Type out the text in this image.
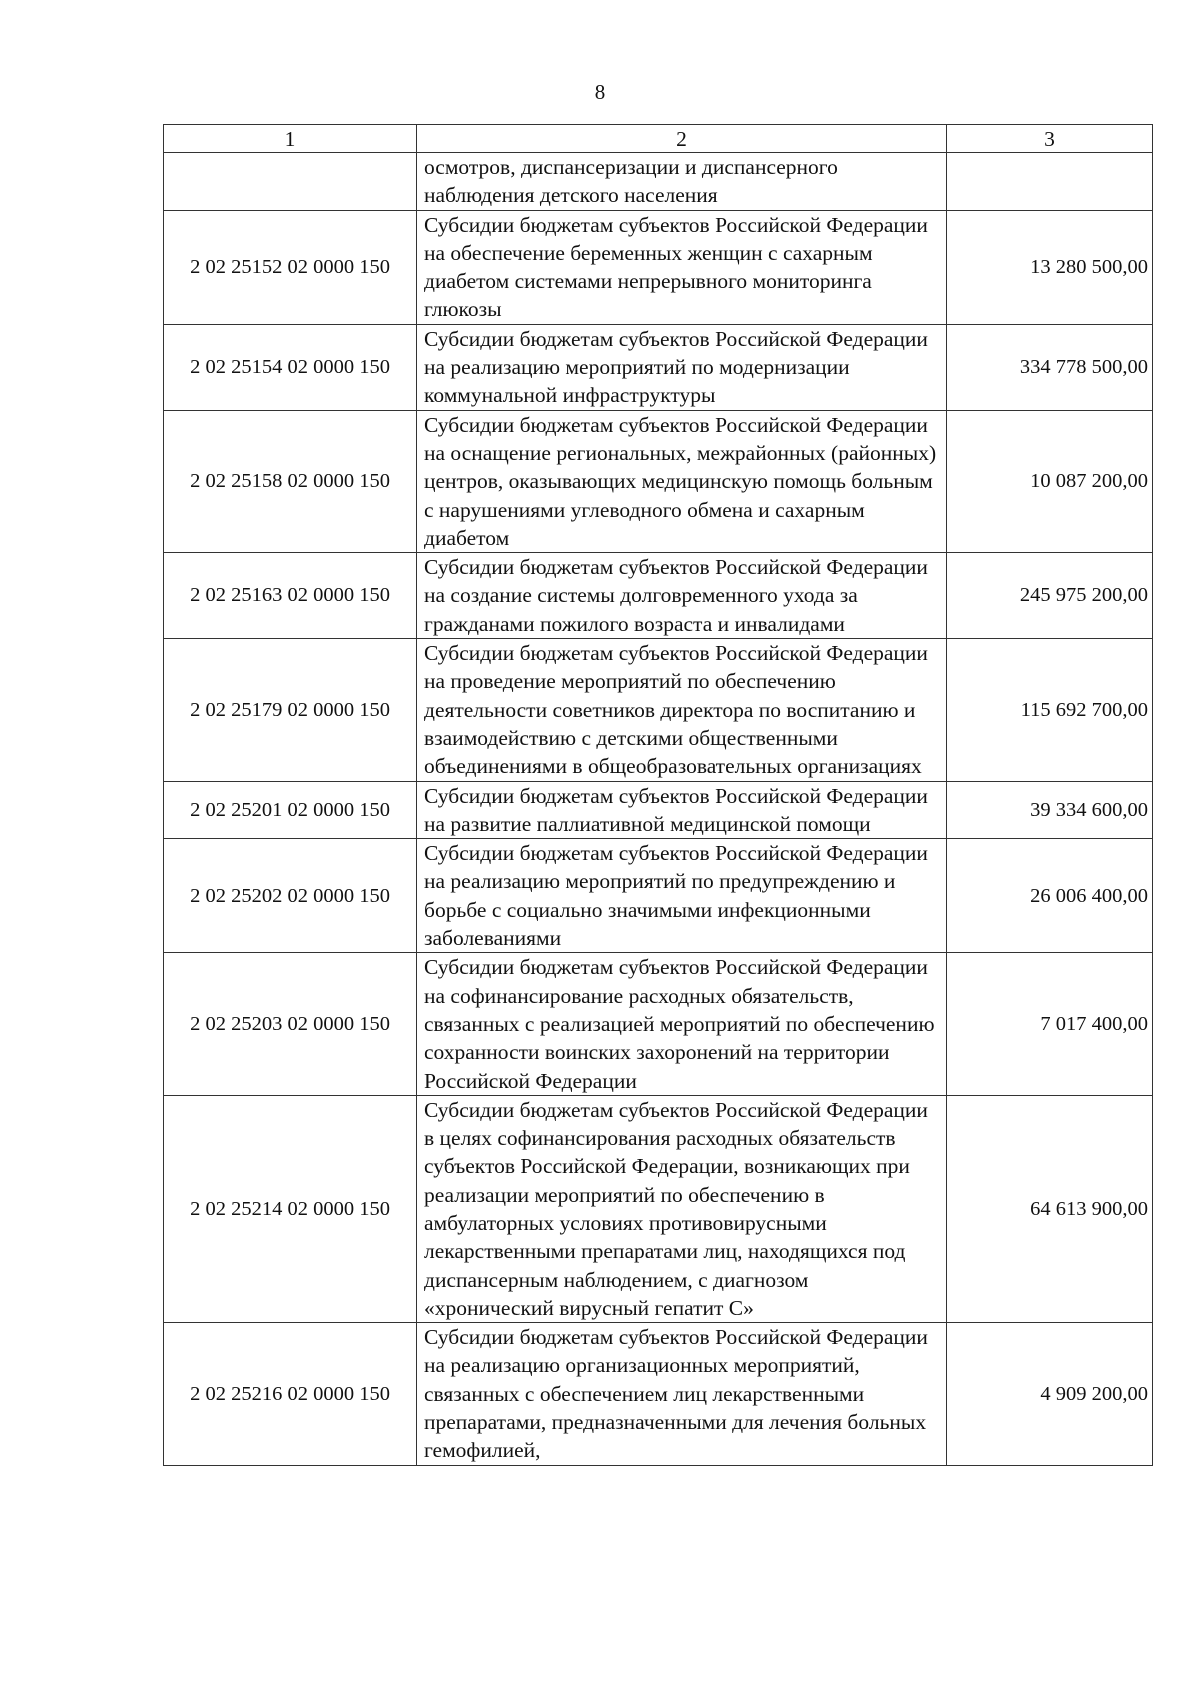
8
1	2	3
	осмотров, диспансеризации и диспансерного наблюдения детского населения	
2 02 25152 02 0000 150	Субсидии бюджетам субъектов Российской Федерации на обеспечение беременных женщин с сахарным диабетом системами непрерывного мониторинга глюкозы	13 280 500,00
2 02 25154 02 0000 150	Субсидии бюджетам субъектов Российской Федерации на реализацию мероприятий по модернизации коммунальной инфраструктуры	334 778 500,00
2 02 25158 02 0000 150	Субсидии бюджетам субъектов Российской Федерации на оснащение региональных, межрайонных (районных) центров, оказывающих медицинскую помощь больным с нарушениями углеводного обмена и сахарным диабетом	10 087 200,00
2 02 25163 02 0000 150	Субсидии бюджетам субъектов Российской Федерации на создание системы долговременного ухода за гражданами пожилого возраста и инвалидами	245 975 200,00
2 02 25179 02 0000 150	Субсидии бюджетам субъектов Российской Федерации на проведение мероприятий по обеспечению деятельности советников директора по воспитанию и взаимодействию с детскими общественными объединениями в общеобразовательных организациях	115 692 700,00
2 02 25201 02 0000 150	Субсидии бюджетам субъектов Российской Федерации на развитие паллиативной медицинской помощи	39 334 600,00
2 02 25202 02 0000 150	Субсидии бюджетам субъектов Российской Федерации на реализацию мероприятий по предупреждению и борьбе с социально значимыми инфекционными заболеваниями	26 006 400,00
2 02 25203 02 0000 150	Субсидии бюджетам субъектов Российской Федерации на софинансирование расходных обязательств, связанных с реализацией мероприятий по обеспечению сохранности воинских захоронений на территории Российской Федерации	7 017 400,00
2 02 25214 02 0000 150	Субсидии бюджетам субъектов Российской Федерации в целях софинансирования расходных обязательств субъектов Российской Федерации, возникающих при реализации мероприятий по обеспечению в амбулаторных условиях противовирусными лекарственными препаратами лиц, находящихся под диспансерным наблюдением, с диагнозом «хронический вирусный гепатит С»	64 613 900,00
2 02 25216 02 0000 150	Субсидии бюджетам субъектов Российской Федерации на реализацию организационных мероприятий, связанных с обеспечением лиц лекарственными препаратами, предназначенными для лечения больных гемофилией,	4 909 200,00
